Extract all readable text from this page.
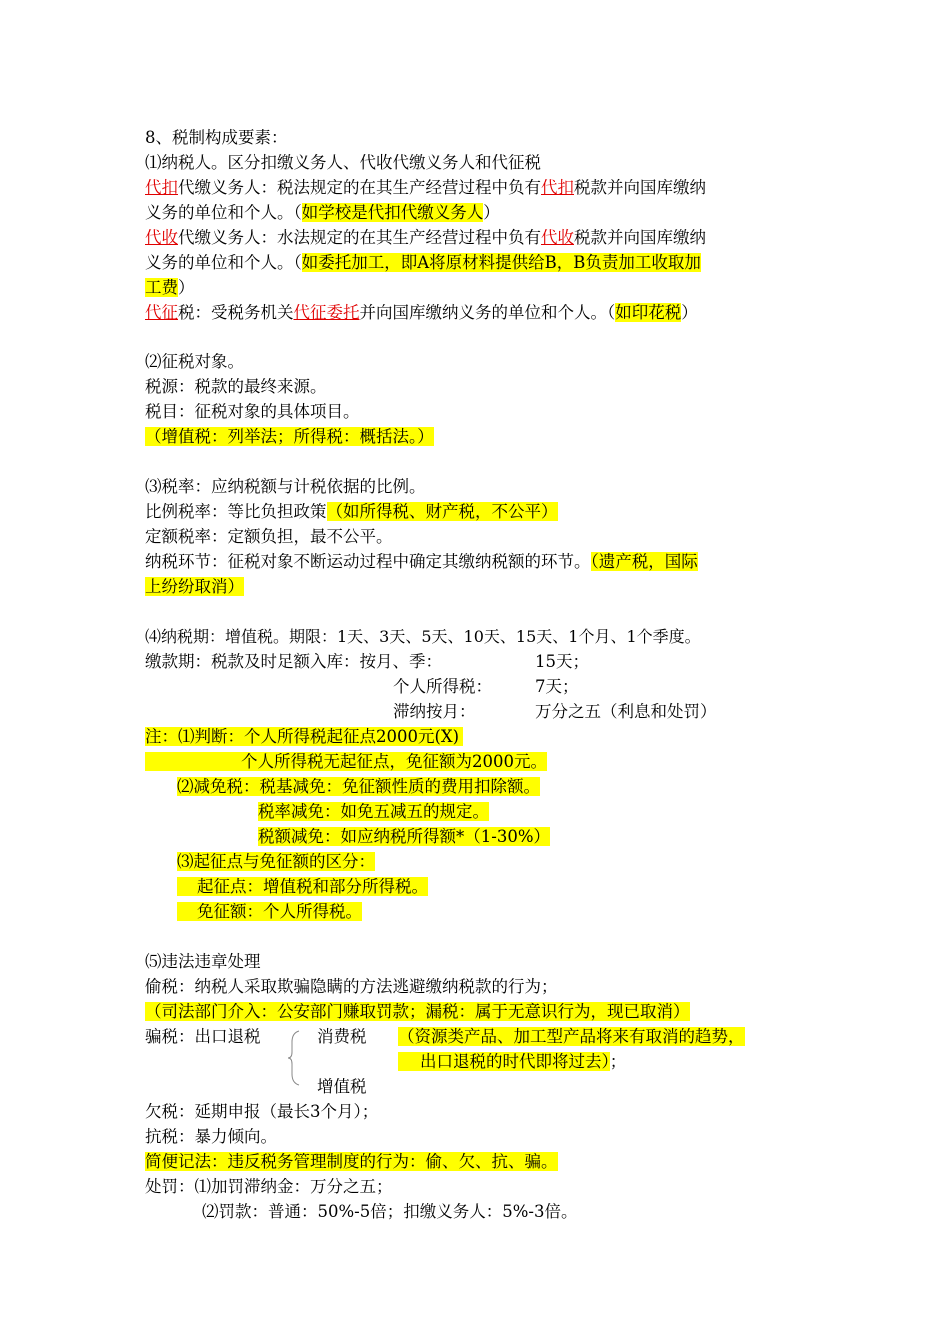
8、税制构成要素：
⑴纳税人。区分扣缴义务人、代收代缴义务人和代征税
代扣代缴义务人：税法规定的在其生产经营过程中负有代扣税款并向国库缴纳
义务的单位和个人。（如学校是代扣代缴义务人）
代收代缴义务人：水法规定的在其生产经营过程中负有代收税款并向国库缴纳
义务的单位和个人。（如委托加工，即A将原材料提供给B，B负责加工收取加
工费）
代征税：受税务机关代征委托并向国库缴纳义务的单位和个人。（如印花税）
⑵征税对象。
税源：税款的最终来源。
税目：征税对象的具体项目。
（增值税：列举法；所得税：概括法。）
⑶税率：应纳税额与计税依据的比例。
比例税率：等比负担政策（如所得税、财产税，不公平）
定额税率：定额负担，最不公平。
纳税环节：征税对象不断运动过程中确定其缴纳税额的环节。（遗产税，国际
上纷纷取消）
⑷纳税期：增值税。期限：1天、3天、5天、10天、15天、1个月、1个季度。
缴款期：税款及时足额入库：按月、季：	15天；
个人所得税：	7天；
滞纳按月：	万分之五（利息和处罚）
注：⑴判断：个人所得税起征点2000元(X)
个人所得税无起征点，免征额为2000元。
⑵减免税：税基减免：免征额性质的费用扣除额。
税率减免：如免五减五的规定。
税额减免：如应纳税所得额*（1-30%）
⑶起征点与免征额的区分：
起征点：增值税和部分所得税。
免征额：个人所得税。
⑸违法违章处理
偷税：纳税人采取欺骗隐瞒的方法逃避缴纳税款的行为；
（司法部门介入：公安部门赚取罚款；漏税：属于无意识行为，现已取消）
骗税：出口退税	消费税 （资源类产品、加工型产品将来有取消的趋势，
出口退税的时代即将过去）；
增值税
欠税：延期申报（最长3个月）；
抗税：暴力倾向。
简便记法：违反税务管理制度的行为：偷、欠、抗、骗。
处罚：⑴加罚滞纳金：万分之五；
⑵罚款：普通：50%-5倍；扣缴义务人：5%-3倍。
